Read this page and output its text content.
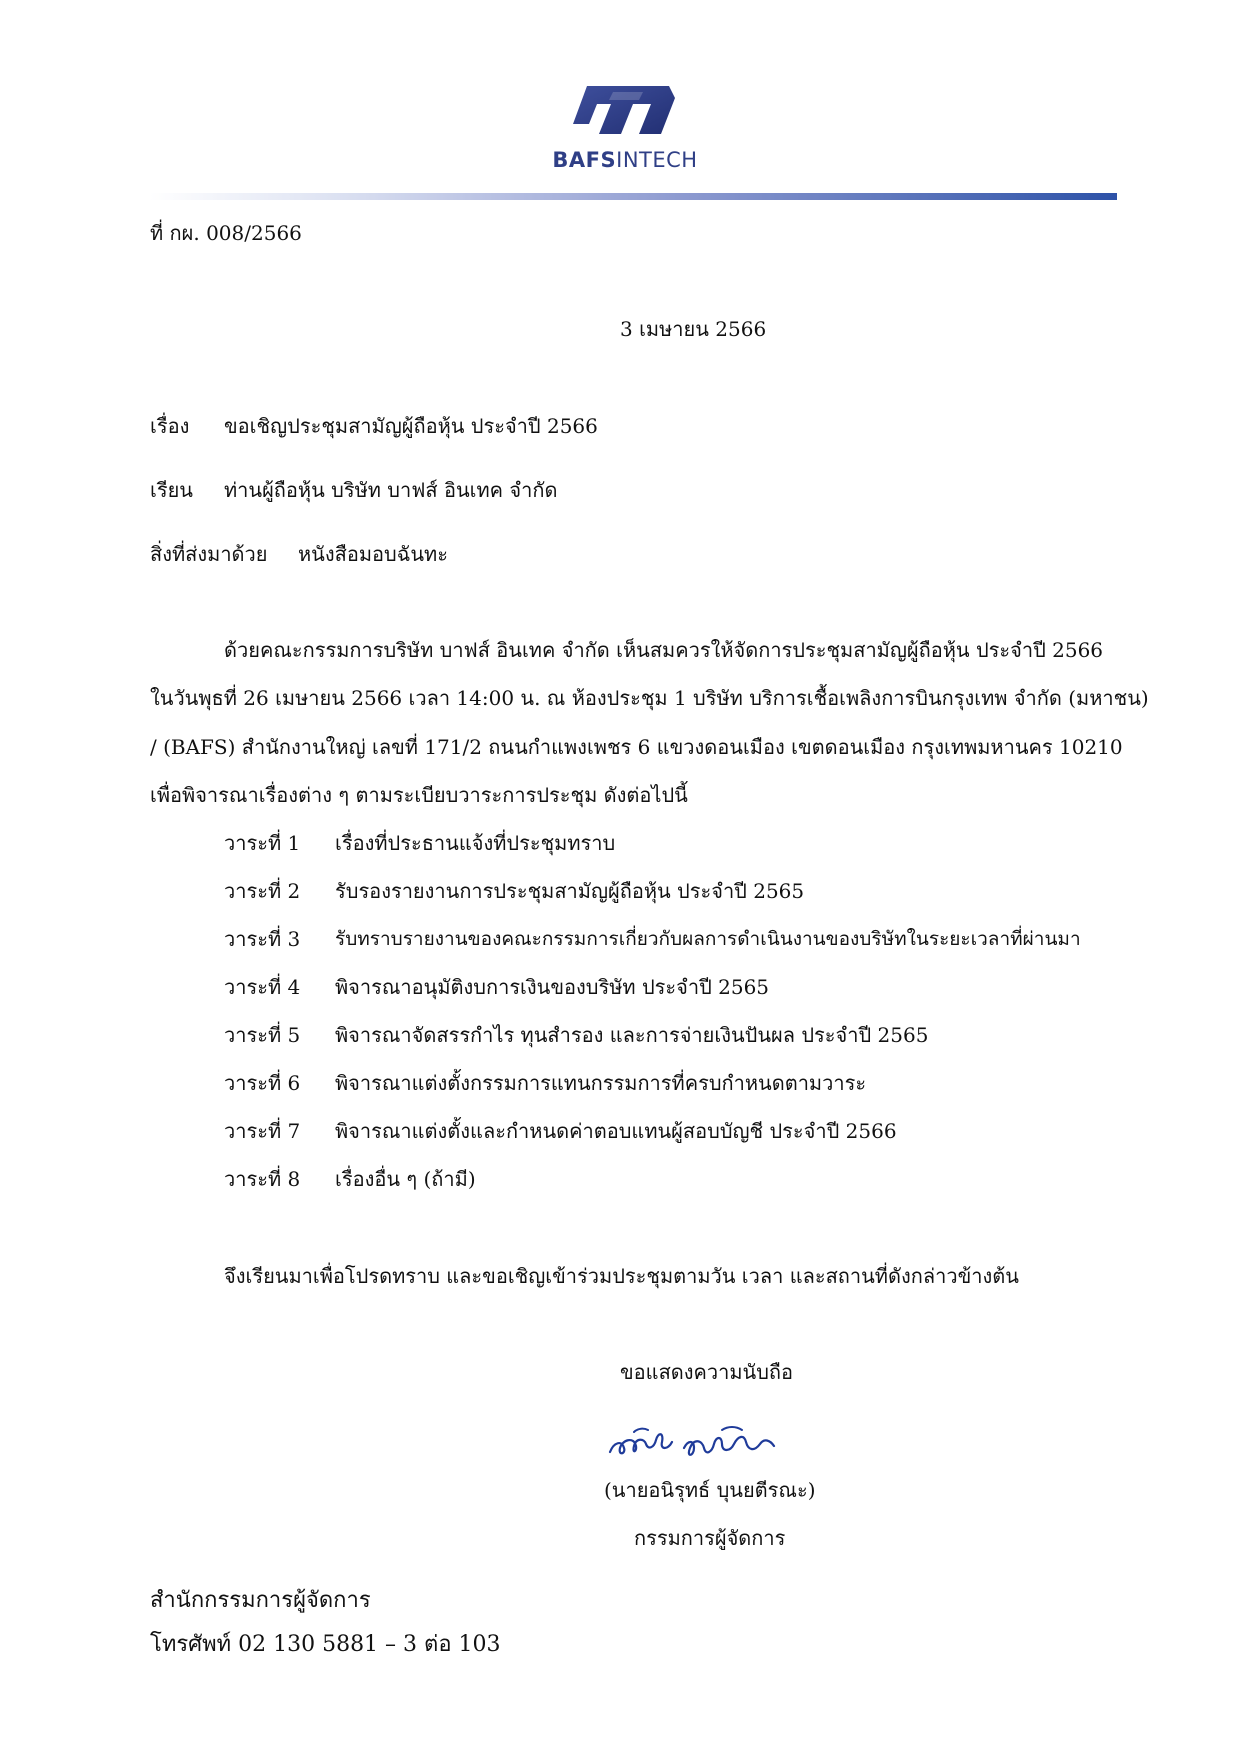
BAFSINTECH
ที่ กผ. 008/2566
3 เมษายน 2566
เรื่อง ขอเชิญประชุมสามัญผู้ถือหุ้น ประจำปี 2566
เรียน ท่านผู้ถือหุ้น บริษัท บาฟส์ อินเทค จำกัด
สิ่งที่ส่งมาด้วย หนังสือมอบฉันทะ
ด้วยคณะกรรมการบริษัท บาฟส์ อินเทค จำกัด เห็นสมควรให้จัดการประชุมสามัญผู้ถือหุ้น ประจำปี 2566
ในวันพุธที่ 26 เมษายน 2566 เวลา 14:00 น. ณ ห้องประชุม 1 บริษัท บริการเชื้อเพลิงการบินกรุงเทพ จำกัด (มหาชน)
/ (BAFS) สำนักงานใหญ่ เลขที่ 171/2 ถนนกำแพงเพชร 6 แขวงดอนเมือง เขตดอนเมือง กรุงเทพมหานคร 10210
เพื่อพิจารณาเรื่องต่าง ๆ ตามระเบียบวาระการประชุม ดังต่อไปนี้
วาระที่ 1 เรื่องที่ประธานแจ้งที่ประชุมทราบ
วาระที่ 2 รับรองรายงานการประชุมสามัญผู้ถือหุ้น ประจำปี 2565
วาระที่ 3 รับทราบรายงานของคณะกรรมการเกี่ยวกับผลการดำเนินงานของบริษัทในระยะเวลาที่ผ่านมา
วาระที่ 4 พิจารณาอนุมัติงบการเงินของบริษัท ประจำปี 2565
วาระที่ 5 พิจารณาจัดสรรกำไร ทุนสำรอง และการจ่ายเงินปันผล ประจำปี 2565
วาระที่ 6 พิจารณาแต่งตั้งกรรมการแทนกรรมการที่ครบกำหนดตามวาระ
วาระที่ 7 พิจารณาแต่งตั้งและกำหนดค่าตอบแทนผู้สอบบัญชี ประจำปี 2566
วาระที่ 8 เรื่องอื่น ๆ (ถ้ามี)
จึงเรียนมาเพื่อโปรดทราบ และขอเชิญเข้าร่วมประชุมตามวัน เวลา และสถานที่ดังกล่าวข้างต้น
ขอแสดงความนับถือ
(นายอนิรุทธ์ บุนยตีรณะ)
กรรมการผู้จัดการ
สำนักกรรมการผู้จัดการ
โทรศัพท์ 02 130 5881 – 3 ต่อ 103
